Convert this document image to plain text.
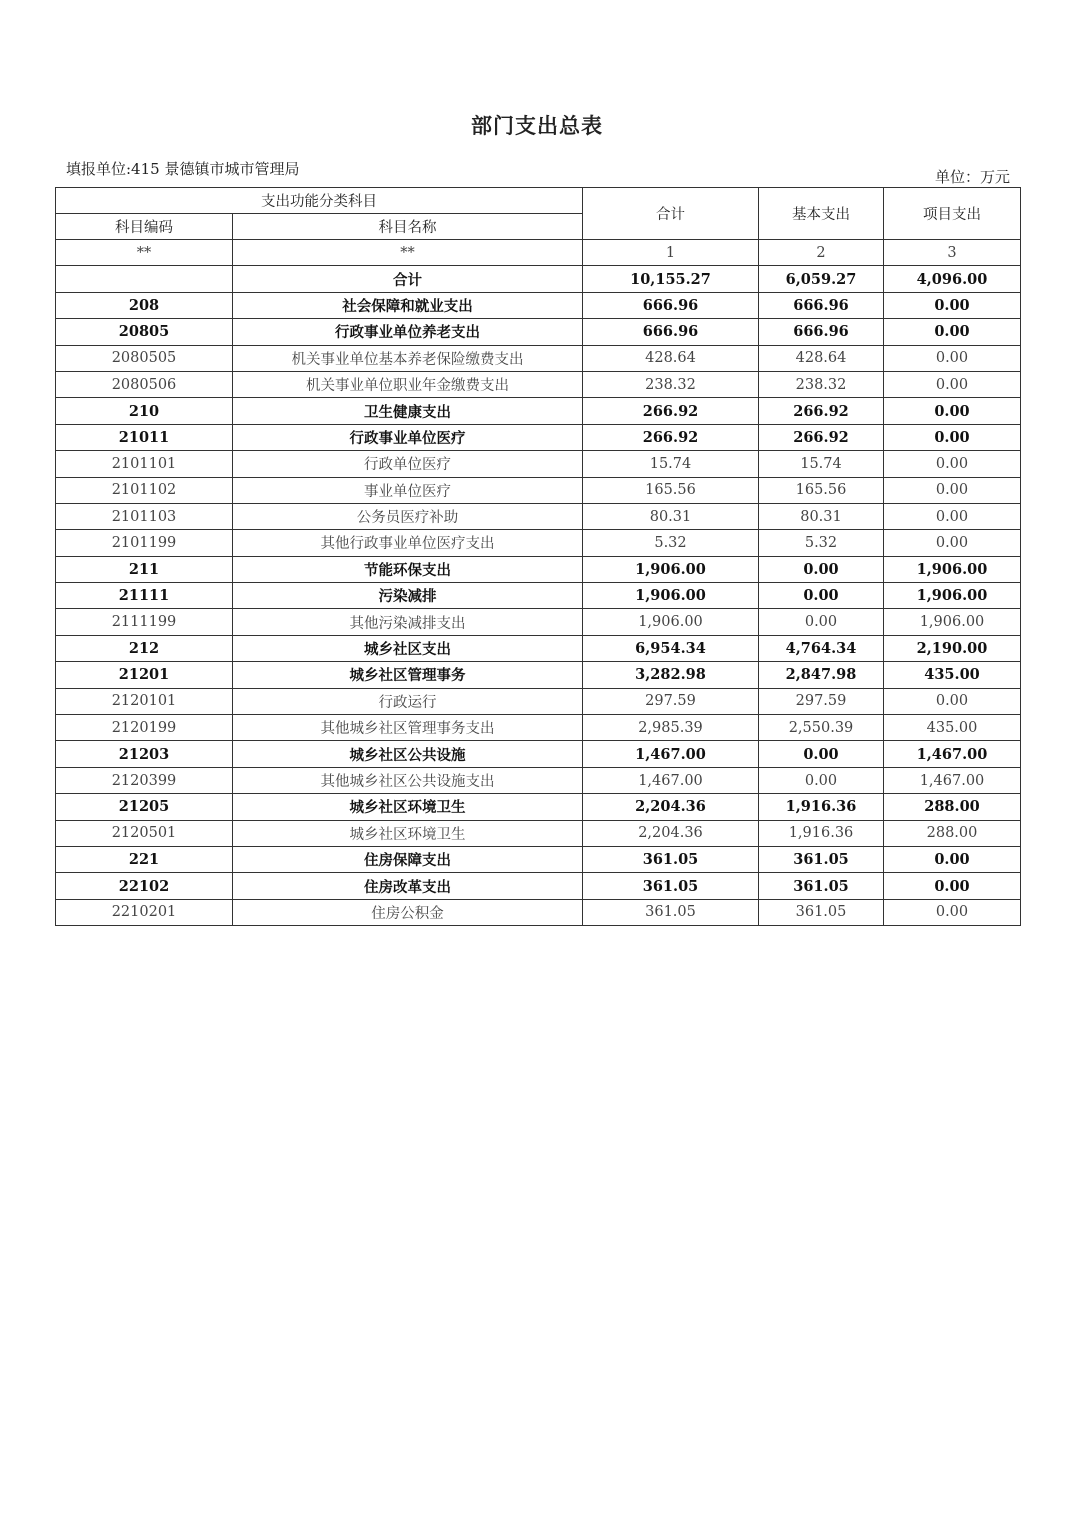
部门支出总表
填报单位:415 景德镇市城市管理局	单位：万元
支出功能分类科目		合计	基本支出	项目支出
科目编码	科目名称			
**	**	1	2	3
	合计	10,155.27	6,059.27	4,096.00
208	社会保障和就业支出	666.96	666.96	0.00
20805	行政事业单位养老支出	666.96	666.96	0.00
2080505	机关事业单位基本养老保险缴费支出	428.64	428.64	0.00
2080506	机关事业单位职业年金缴费支出	238.32	238.32	0.00
210	卫生健康支出	266.92	266.92	0.00
21011	行政事业单位医疗	266.92	266.92	0.00
2101101	行政单位医疗	15.74	15.74	0.00
2101102	事业单位医疗	165.56	165.56	0.00
2101103	公务员医疗补助	80.31	80.31	0.00
2101199	其他行政事业单位医疗支出	5.32	5.32	0.00
211	节能环保支出	1,906.00	0.00	1,906.00
21111	污染减排	1,906.00	0.00	1,906.00
2111199	其他污染减排支出	1,906.00	0.00	1,906.00
212	城乡社区支出	6,954.34	4,764.34	2,190.00
21201	城乡社区管理事务	3,282.98	2,847.98	435.00
2120101	行政运行	297.59	297.59	0.00
2120199	其他城乡社区管理事务支出	2,985.39	2,550.39	435.00
21203	城乡社区公共设施	1,467.00	0.00	1,467.00
2120399	其他城乡社区公共设施支出	1,467.00	0.00	1,467.00
21205	城乡社区环境卫生	2,204.36	1,916.36	288.00
2120501	城乡社区环境卫生	2,204.36	1,916.36	288.00
221	住房保障支出	361.05	361.05	0.00
22102	住房改革支出	361.05	361.05	0.00
2210201	住房公积金	361.05	361.05	0.00
